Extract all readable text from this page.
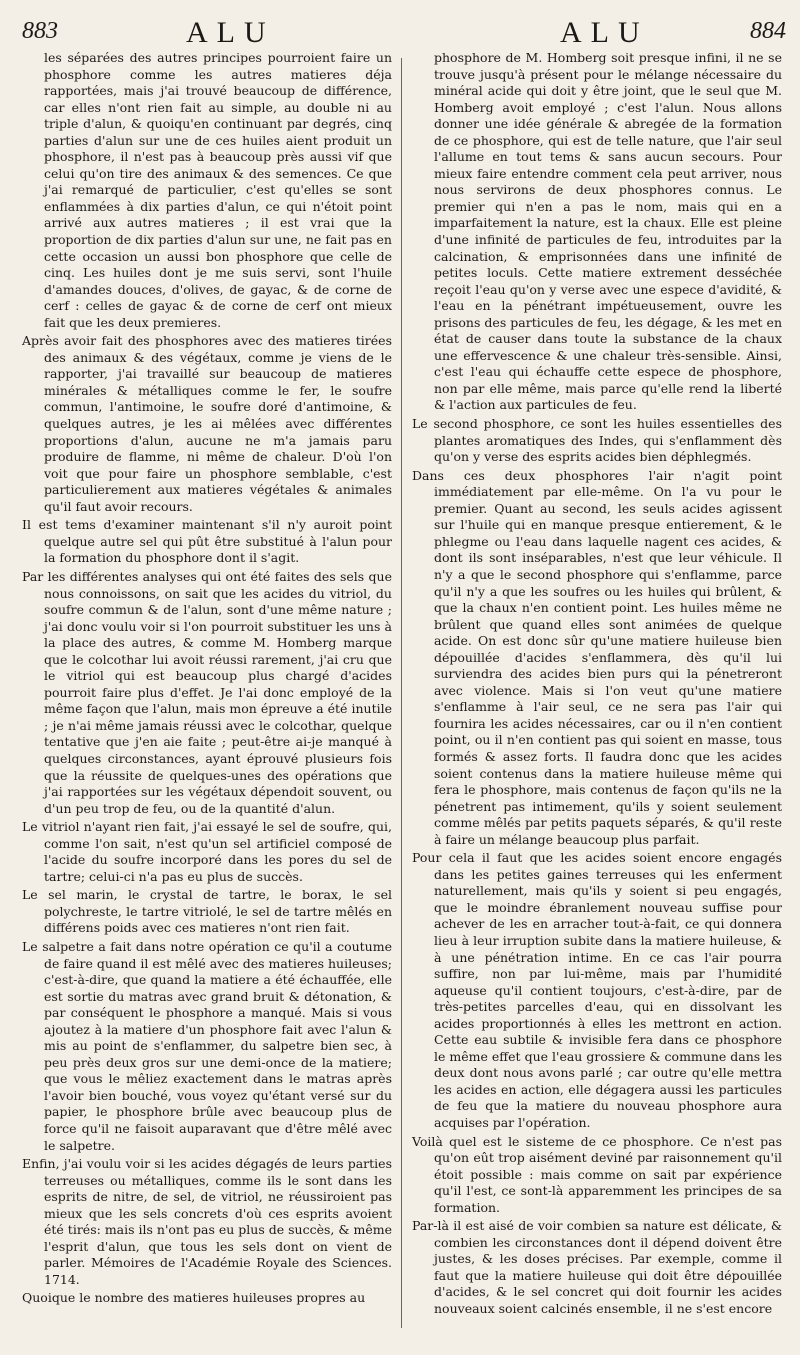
883	ALU	ALU	884

les séparées des autres principes pourroient faire un phosphore comme les autres matieres déja rapportées, mais j'ai trouvé beaucoup de différence, car elles n'ont rien fait au simple, au double ni au triple d'alun, & quoiqu'en continuant par degrés, cinq parties d'alun sur une de ces huiles aient produit un phosphore, il n'est pas à beaucoup près aussi vif que celui qu'on tire des animaux & des semences. Ce que j'ai remarqué de particulier, c'est qu'elles se sont enflammées à dix parties d'alun, ce qui n'étoit point arrivé aux autres matieres ; il est vrai que la proportion de dix parties d'alun sur une, ne fait pas en cette occasion un aussi bon phosphore que celle de cinq. Les huiles dont je me suis servi, sont l'huile d'amandes douces, d'olives, de gayac, & de corne de cerf : celles de gayac & de corne de cerf ont mieux fait que les deux premieres.

Après avoir fait des phosphores avec des matieres tirées des animaux & des végétaux, comme je viens de le rapporter, j'ai travaillé sur beaucoup de matieres minérales & métalliques comme le fer, le soufre commun, l'antimoine, le soufre doré d'antimoine, & quelques autres, je les ai mêlées avec différentes proportions d'alun, aucune ne m'a jamais paru produire de flamme, ni même de chaleur. D'où l'on voit que pour faire un phosphore semblable, c'est particulierement aux matieres végétales & animales qu'il faut avoir recours.

Il est tems d'examiner maintenant s'il n'y auroit point quelque autre sel qui pût être substitué à l'alun pour la formation du phosphore dont il s'agit.

Par les différentes analyses qui ont été faites des sels que nous connoissons, on sait que les acides du vitriol, du soufre commun & de l'alun, sont d'une même nature ; j'ai donc voulu voir si l'on pourroit substituer les uns à la place des autres, & comme M. Homberg marque que le colcothar lui avoit réussi rarement, j'ai cru que le vitriol qui est beaucoup plus chargé d'acides pourroit faire plus d'effet. Je l'ai donc employé de la même façon que l'alun, mais mon épreuve a été inutile ; je n'ai même jamais réussi avec le colcothar, quelque tentative que j'en aie faite ; peut-être ai-je manqué à quelques circonstances, ayant éprouvé plusieurs fois que la réussite de quelques-unes des opérations que j'ai rapportées sur les végétaux dépendoit souvent, ou d'un peu trop de feu, ou de la quantité d'alun.

Le vitriol n'ayant rien fait, j'ai essayé le sel de soufre, qui, comme l'on sait, n'est qu'un sel artificiel composé de l'acide du soufre incorporé dans les pores du sel de tartre; celui-ci n'a pas eu plus de succès.

Le sel marin, le crystal de tartre, le borax, le sel polychreste, le tartre vitriolé, le sel de tartre mêlés en différens poids avec ces matieres n'ont rien fait.

Le salpetre a fait dans notre opération ce qu'il a coutume de faire quand il est mêlé avec des matieres huileuses; c'est-à-dire, que quand la matiere a été échauffée, elle est sortie du matras avec grand bruit & détonation, & par conséquent le phosphore a manqué. Mais si vous ajoutez à la matiere d'un phosphore fait avec l'alun & mis au point de s'enflammer, du salpetre bien sec, à peu près deux gros sur une demi-once de la matiere; que vous le mêliez exactement dans le matras après l'avoir bien bouché, vous voyez qu'étant versé sur du papier, le phosphore brûle avec beaucoup plus de force qu'il ne faisoit auparavant que d'être mêlé avec le salpetre.

Enfin, j'ai voulu voir si les acides dégagés de leurs parties terreuses ou métalliques, comme ils le sont dans les esprits de nitre, de sel, de vitriol, ne réussiroient pas mieux que les sels concrets d'où ces esprits avoient été tirés: mais ils n'ont pas eu plus de succès, & même l'esprit d'alun, que tous les sels dont on vient de parler. Mémoires de l'Académie Royale des Sciences. 1714.

Quoique le nombre des matieres huileuses propres au

phosphore de M. Homberg soit presque infini, il ne se trouve jusqu'à présent pour le mélange nécessaire du minéral acide qui doit y être joint, que le seul que M. Homberg avoit employé ; c'est l'alun. Nous allons donner une idée générale & abregée de la formation de ce phosphore, qui est de telle nature, que l'air seul l'allume en tout tems & sans aucun secours. Pour mieux faire entendre comment cela peut arriver, nous nous servirons de deux phosphores connus. Le premier qui n'en a pas le nom, mais qui en a imparfaitement la nature, est la chaux. Elle est pleine d'une infinité de particules de feu, introduites par la calcination, & emprisonnées dans une infinité de petites loculs. Cette matiere extrement desséchée reçoit l'eau qu'on y verse avec une espece d'avidité, & l'eau en la pénétrant impétueusement, ouvre les prisons des particules de feu, les dégage, & les met en état de causer dans toute la substance de la chaux une effervescence & une chaleur très-sensible. Ainsi, c'est l'eau qui échauffe cette espece de phosphore, non par elle même, mais parce qu'elle rend la liberté & l'action aux particules de feu.

Le second phosphore, ce sont les huiles essentielles des plantes aromatiques des Indes, qui s'enflamment dès qu'on y verse des esprits acides bien déphlegmés.

Dans ces deux phosphores l'air n'agit point immédiatement par elle-même. On l'a vu pour le premier. Quant au second, les seuls acides agissent sur l'huile qui en manque presque entierement, & le phlegme ou l'eau dans laquelle nagent ces acides, & dont ils sont inséparables, n'est que leur véhicule. Il n'y a que le second phosphore qui s'enflamme, parce qu'il n'y a que les soufres ou les huiles qui brûlent, & que la chaux n'en contient point. Les huiles même ne brûlent que quand elles sont animées de quelque acide. On est donc sûr qu'une matiere huileuse bien dépouillée d'acides s'enflammera, dès qu'il lui surviendra des acides bien purs qui la pénetreront avec violence. Mais si l'on veut qu'une matiere s'enflamme à l'air seul, ce ne sera pas l'air qui fournira les acides nécessaires, car ou il n'en contient point, ou il n'en contient pas qui soient en masse, tous formés & assez forts. Il faudra donc que les acides soient contenus dans la matiere huileuse même qui fera le phosphore, mais contenus de façon qu'ils ne la pénetrent pas intimement, qu'ils y soient seulement comme mêlés par petits paquets séparés, & qu'il reste à faire un mélange beaucoup plus parfait.

Pour cela il faut que les acides soient encore engagés dans les petites gaines terreuses qui les enferment naturellement, mais qu'ils y soient si peu engagés, que le moindre ébranlement nouveau suffise pour achever de les en arracher tout-à-fait, ce qui donnera lieu à leur irruption subite dans la matiere huileuse, & à une pénétration intime. En ce cas l'air pourra suffire, non par lui-même, mais par l'humidité aqueuse qu'il contient toujours, c'est-à-dire, par de très-petites parcelles d'eau, qui en dissolvant les acides proportionnés à elles les mettront en action. Cette eau subtile & invisible fera dans ce phosphore le même effet que l'eau grossiere & commune dans les deux dont nous avons parlé ; car outre qu'elle mettra les acides en action, elle dégagera aussi les particules de feu que la matiere du nouveau phosphore aura acquises par l'opération.

Voilà quel est le sisteme de ce phosphore. Ce n'est pas qu'on eût trop aisément deviné par raisonnement qu'il étoit possible : mais comme on sait par expérience qu'il l'est, ce sont-là apparemment les principes de sa formation.

Par-là il est aisé de voir combien sa nature est délicate, & combien les circonstances dont il dépend doivent être justes, & les doses précises. Par exemple, comme il faut que la matiere huileuse qui doit être dépouillée d'acides, & le sel concret qui doit fournir les acides nouveaux soient calcinés ensemble, il ne s'est encore
